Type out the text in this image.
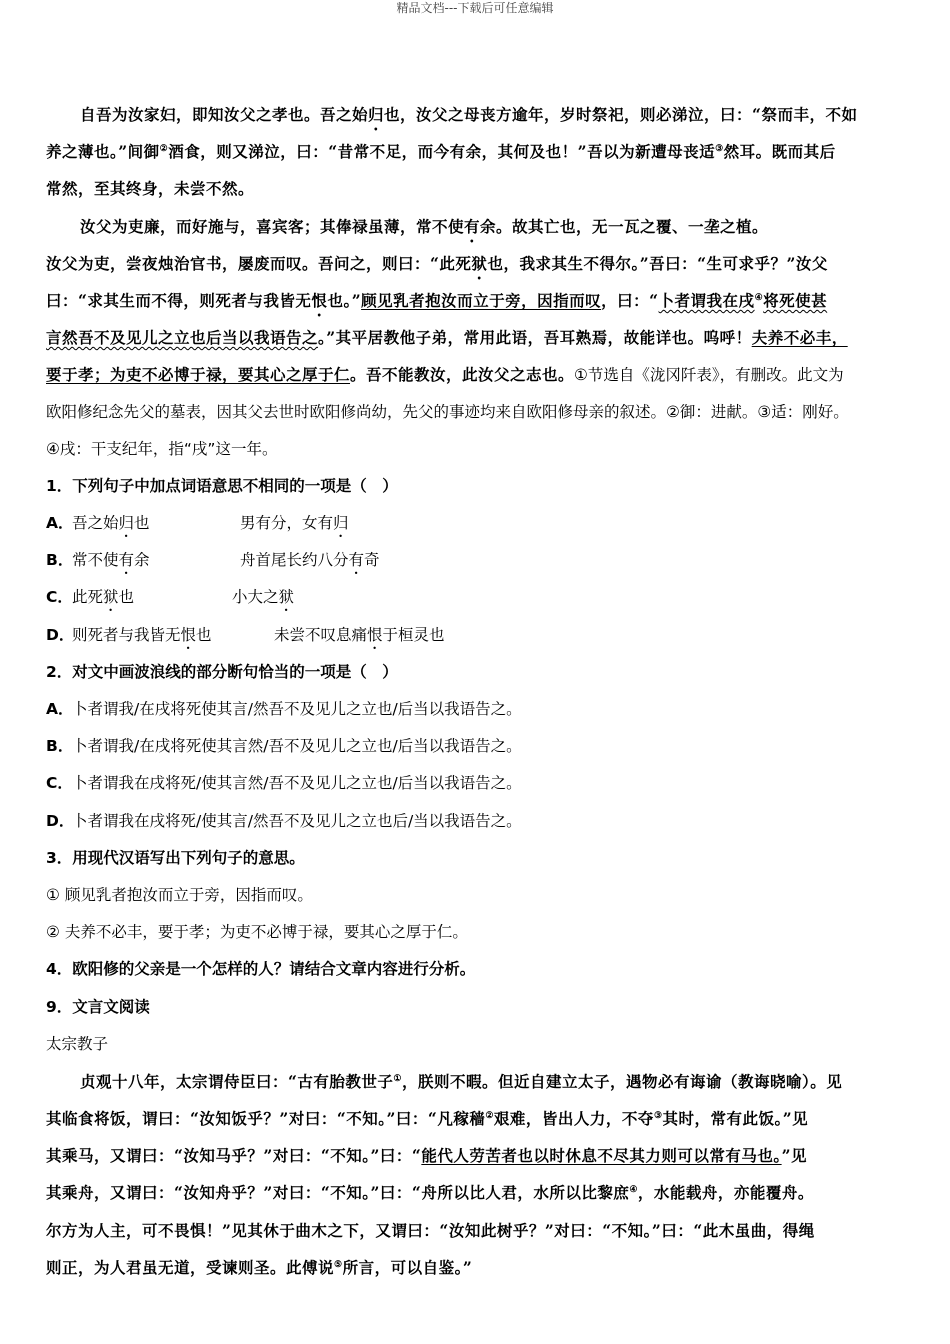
精品文档---下载后可任意编辑
自吾为汝家妇，即知汝父之孝也。吾之始归也，汝父之母丧方逾年，岁时祭祀，则必涕泣，曰：“祭而丰，不如
养之薄也。”间御②酒食，则又涕泣，曰：“昔常不足，而今有余，其何及也！”吾以为新遭母丧适③然耳。既而其后
常然，至其终身，未尝不然。
汝父为吏廉，而好施与，喜宾客；其俸禄虽薄，常不使有余。故其亡也，无一瓦之覆、一垄之植。
汝父为吏，尝夜烛治官书，屡废而叹。吾问之，则曰：“此死狱也，我求其生不得尔。”吾曰：“生可求乎？”汝父
曰：“求其生而不得，则死者与我皆无恨也。”顾见乳者抱汝而立于旁，因指而叹，曰：“卜者谓我在戌④将死使甚
言然吾不及见儿之立也后当以我语告之。”其平居教他子弟，常用此语，吾耳熟焉，故能详也。呜呼！夫养不必丰，
要于孝；为吏不必博于禄，要其心之厚于仁。吾不能教汝，此汝父之志也。①节选自《泷冈阡表》，有删改。此文为
欧阳修纪念先父的墓表，因其父去世时欧阳修尚幼，先父的事迹均来自欧阳修母亲的叙述。②御：进献。③适：刚好。
④戌：干支纪年，指“戌”这一年。
1．下列句子中加点词语意思不相同的一项是（　）
A．吾之始归也	男有分，女有归
B．常不使有余	舟首尾长约八分有奇
C．此死狱也	小大之狱
D．则死者与我皆无恨也	未尝不叹息痛恨于桓灵也
2．对文中画波浪线的部分断句恰当的一项是（　）
A．卜者谓我/在戌将死使其言/然吾不及见儿之立也/后当以我语告之。
B．卜者谓我/在戌将死使其言然/吾不及见儿之立也/后当以我语告之。
C．卜者谓我在戌将死/使其言然/吾不及见儿之立也/后当以我语告之。
D．卜者谓我在戌将死/使其言/然吾不及见儿之立也后/当以我语告之。
3．用现代汉语写出下列句子的意思。
① 顾见乳者抱汝而立于旁，因指而叹。
② 夫养不必丰，要于孝；为吏不必博于禄，要其心之厚于仁。
4．欧阳修的父亲是一个怎样的人？请结合文章内容进行分析。
9．文言文阅读
太宗教子
贞观十八年，太宗谓侍臣曰：“古有胎教世子①，朕则不暇。但近自建立太子，遇物必有诲谕（教诲晓喻）。见
其临食将饭，谓曰：“汝知饭乎？”对曰：“不知。”曰：“凡稼穑②艰难，皆出人力，不夺③其时，常有此饭。”见
其乘马，又谓曰：“汝知马乎？”对曰：“不知。”曰：“能代人劳苦者也以时休息不尽其力则可以常有马也。”见
其乘舟，又谓曰：“汝知舟乎？”对曰：“不知。”曰：“舟所以比人君，水所以比黎庶④，水能载舟，亦能覆舟。
尔方为人主，可不畏惧！”见其休于曲木之下，又谓曰：“汝知此树乎？”对曰：“不知。”曰：“此木虽曲，得绳
则正，为人君虽无道，受谏则圣。此傅说⑤所言，可以自鉴。”
